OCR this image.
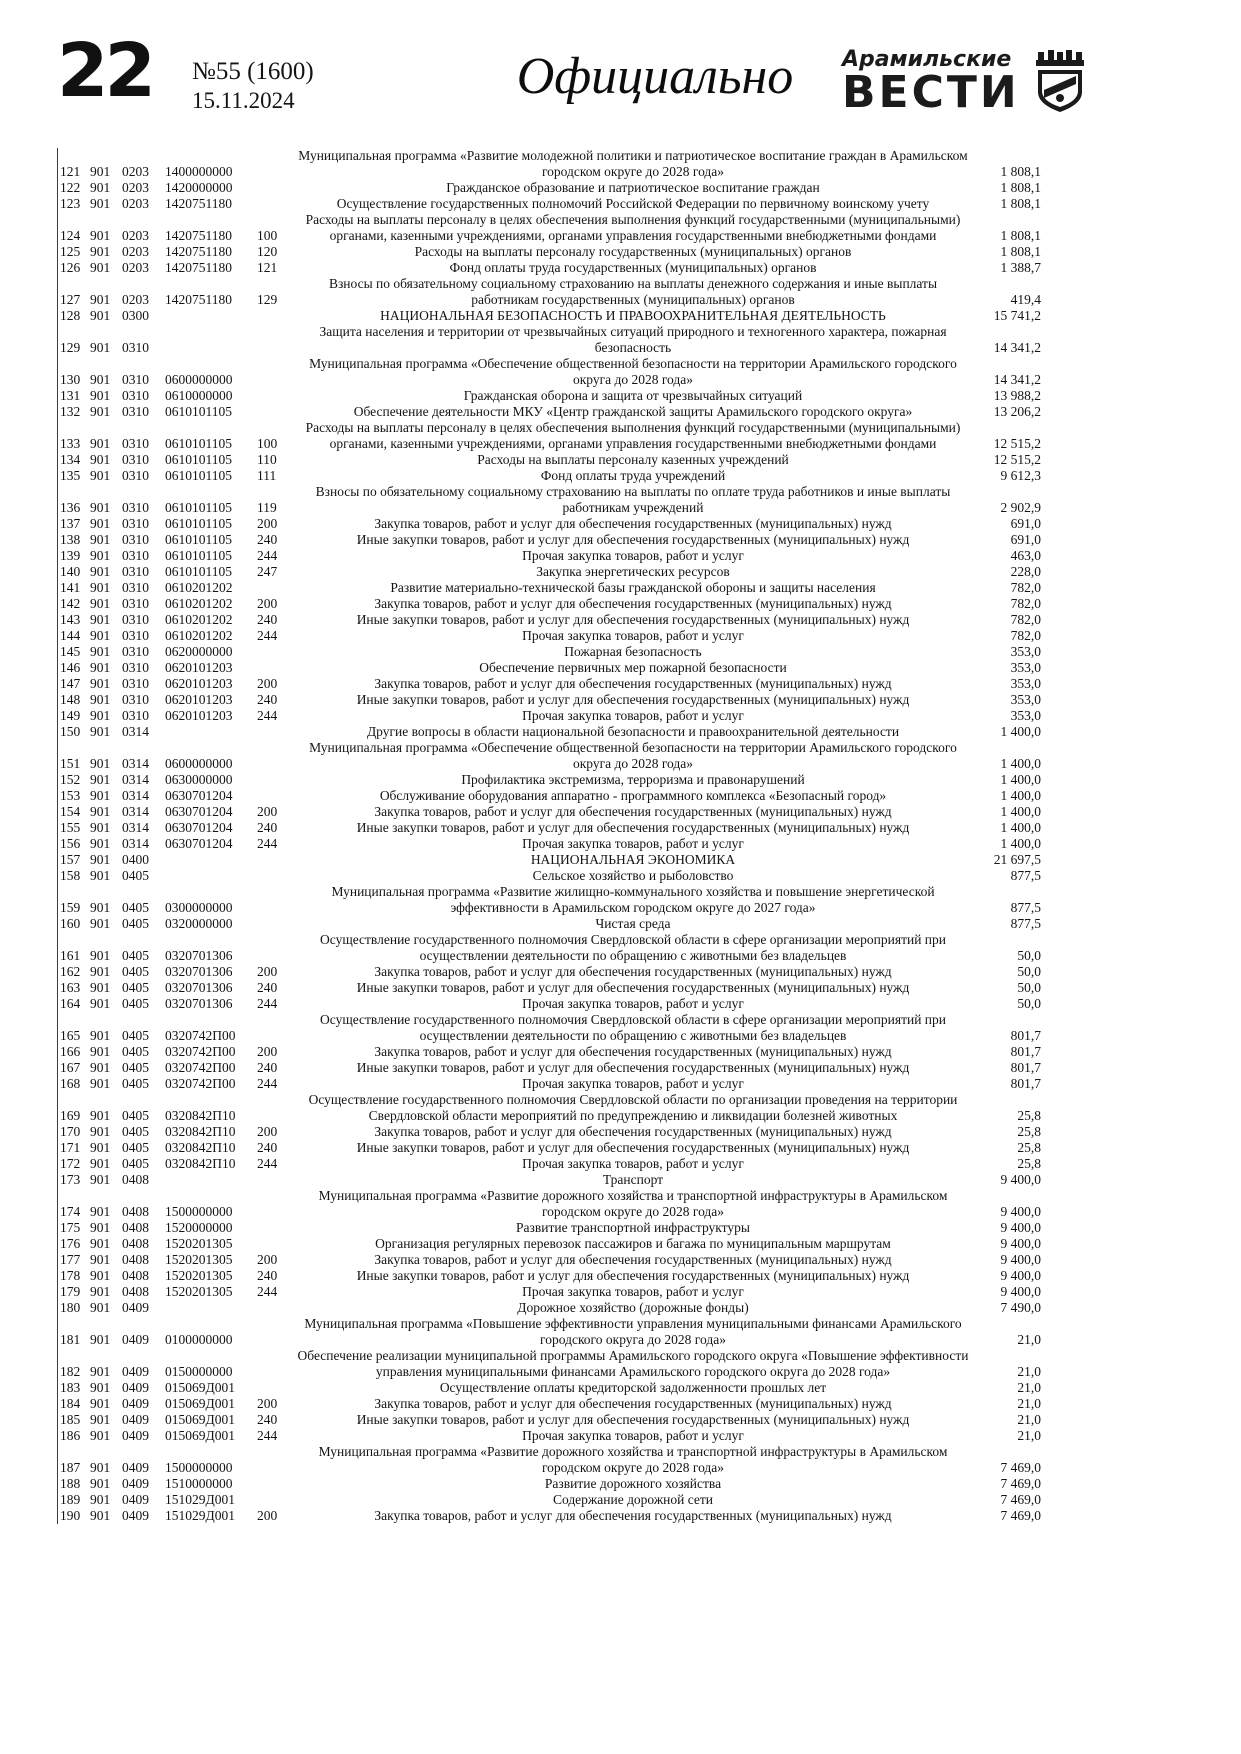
22 №55 (1600)
15.11.2024	Официально	Арамильские
ВЕСТИ
121	901	0203	1400000000		Муниципальная программа «Развитие молодежной политики и патриотическое воспитание граждан в Арамильском городском округе до 2028 года»	1 808,1
122	901	0203	1420000000		Гражданское образование и патриотическое воспитание граждан	1 808,1
123	901	0203	1420751180		Осуществление государственных полномочий Российской Федерации по первичному воинскому учету	1 808,1
124	901	0203	1420751180	100	Расходы на выплаты персоналу в целях обеспечения выполнения функций государственными (муниципальными) органами, казенными учреждениями, органами управления государственными внебюджетными фондами	1 808,1
125	901	0203	1420751180	120	Расходы на выплаты персоналу государственных (муниципальных) органов	1 808,1
126	901	0203	1420751180	121	Фонд оплаты труда государственных (муниципальных) органов	1 388,7
127	901	0203	1420751180	129	Взносы по обязательному социальному страхованию на выплаты денежного содержания и иные выплаты работникам государственных (муниципальных) органов	419,4
128	901	0300			НАЦИОНАЛЬНАЯ БЕЗОПАСНОСТЬ И ПРАВООХРАНИТЕЛЬНАЯ ДЕЯТЕЛЬНОСТЬ	15 741,2
129	901	0310			Защита населения и территории от чрезвычайных ситуаций природного и техногенного характера, пожарная безопасность	14 341,2
130	901	0310	0600000000		Муниципальная программа «Обеспечение общественной безопасности на территории Арамильского городского округа до 2028 года»	14 341,2
131	901	0310	0610000000		Гражданская оборона и защита от чрезвычайных ситуаций	13 988,2
132	901	0310	0610101105		Обеспечение деятельности МКУ «Центр гражданской защиты Арамильского городского округа»	13 206,2
133	901	0310	0610101105	100	Расходы на выплаты персоналу в целях обеспечения выполнения функций государственными (муниципальными) органами, казенными учреждениями, органами управления государственными внебюджетными фондами	12 515,2
134	901	0310	0610101105	110	Расходы на выплаты персоналу казенных учреждений	12 515,2
135	901	0310	0610101105	111	Фонд оплаты труда учреждений	9 612,3
136	901	0310	0610101105	119	Взносы по обязательному социальному страхованию на выплаты по оплате труда работников и иные выплаты работникам учреждений	2 902,9
137	901	0310	0610101105	200	Закупка товаров, работ и услуг для обеспечения государственных (муниципальных) нужд	691,0
138	901	0310	0610101105	240	Иные закупки товаров, работ и услуг для обеспечения государственных (муниципальных) нужд	691,0
139	901	0310	0610101105	244	Прочая закупка товаров, работ и услуг	463,0
140	901	0310	0610101105	247	Закупка энергетических ресурсов	228,0
141	901	0310	0610201202		Развитие материально-технической базы гражданской обороны и защиты населения	782,0
142	901	0310	0610201202	200	Закупка товаров, работ и услуг для обеспечения государственных (муниципальных) нужд	782,0
143	901	0310	0610201202	240	Иные закупки товаров, работ и услуг для обеспечения государственных (муниципальных) нужд	782,0
144	901	0310	0610201202	244	Прочая закупка товаров, работ и услуг	782,0
145	901	0310	0620000000		Пожарная безопасность	353,0
146	901	0310	0620101203		Обеспечение первичных мер пожарной безопасности	353,0
147	901	0310	0620101203	200	Закупка товаров, работ и услуг для обеспечения государственных (муниципальных) нужд	353,0
148	901	0310	0620101203	240	Иные закупки товаров, работ и услуг для обеспечения государственных (муниципальных) нужд	353,0
149	901	0310	0620101203	244	Прочая закупка товаров, работ и услуг	353,0
150	901	0314			Другие вопросы в области национальной безопасности и правоохранительной деятельности	1 400,0
151	901	0314	0600000000		Муниципальная программа «Обеспечение общественной безопасности на территории Арамильского городского округа до 2028 года»	1 400,0
152	901	0314	0630000000		Профилактика экстремизма, терроризма и правонарушений	1 400,0
153	901	0314	0630701204		Обслуживание оборудования аппаратно - программного комплекса «Безопасный город»	1 400,0
154	901	0314	0630701204	200	Закупка товаров, работ и услуг для обеспечения государственных (муниципальных) нужд	1 400,0
155	901	0314	0630701204	240	Иные закупки товаров, работ и услуг для обеспечения государственных (муниципальных) нужд	1 400,0
156	901	0314	0630701204	244	Прочая закупка товаров, работ и услуг	1 400,0
157	901	0400			НАЦИОНАЛЬНАЯ ЭКОНОМИКА	21 697,5
158	901	0405			Сельское хозяйство и рыболовство	877,5
159	901	0405	0300000000		Муниципальная программа «Развитие жилищно-коммунального хозяйства и повышение энергетической эффективности в Арамильском городском округе до 2027 года»	877,5
160	901	0405	0320000000		Чистая среда	877,5
161	901	0405	0320701306		Осуществление государственного полномочия Свердловской области в сфере организации мероприятий при осуществлении деятельности по обращению с животными без владельцев	50,0
162	901	0405	0320701306	200	Закупка товаров, работ и услуг для обеспечения государственных (муниципальных) нужд	50,0
163	901	0405	0320701306	240	Иные закупки товаров, работ и услуг для обеспечения государственных (муниципальных) нужд	50,0
164	901	0405	0320701306	244	Прочая закупка товаров, работ и услуг	50,0
165	901	0405	0320742П00		Осуществление государственного полномочия Свердловской области в сфере организации мероприятий при осуществлении деятельности по обращению с животными без владельцев	801,7
166	901	0405	0320742П00	200	Закупка товаров, работ и услуг для обеспечения государственных (муниципальных) нужд	801,7
167	901	0405	0320742П00	240	Иные закупки товаров, работ и услуг для обеспечения государственных (муниципальных) нужд	801,7
168	901	0405	0320742П00	244	Прочая закупка товаров, работ и услуг	801,7
169	901	0405	0320842П10		Осуществление государственного полномочия Свердловской области по организации проведения на территории Свердловской области мероприятий по предупреждению и ликвидации болезней животных	25,8
170	901	0405	0320842П10	200	Закупка товаров, работ и услуг для обеспечения государственных (муниципальных) нужд	25,8
171	901	0405	0320842П10	240	Иные закупки товаров, работ и услуг для обеспечения государственных (муниципальных) нужд	25,8
172	901	0405	0320842П10	244	Прочая закупка товаров, работ и услуг	25,8
173	901	0408			Транспорт	9 400,0
174	901	0408	1500000000		Муниципальная программа «Развитие дорожного хозяйства и транспортной инфраструктуры в Арамильском городском округе до 2028 года»	9 400,0
175	901	0408	1520000000		Развитие транспортной инфраструктуры	9 400,0
176	901	0408	1520201305		Организация регулярных перевозок пассажиров и багажа по муниципальным маршрутам	9 400,0
177	901	0408	1520201305	200	Закупка товаров, работ и услуг для обеспечения государственных (муниципальных) нужд	9 400,0
178	901	0408	1520201305	240	Иные закупки товаров, работ и услуг для обеспечения государственных (муниципальных) нужд	9 400,0
179	901	0408	1520201305	244	Прочая закупка товаров, работ и услуг	9 400,0
180	901	0409			Дорожное хозяйство (дорожные фонды)	7 490,0
181	901	0409	0100000000		Муниципальная программа «Повышение эффективности управления муниципальными финансами Арамильского городского округа до 2028 года»	21,0
182	901	0409	0150000000		Обеспечение реализации муниципальной программы Арамильского городского округа «Повышение эффективности управления муниципальными финансами Арамильского городского округа до 2028 года»	21,0
183	901	0409	015069Д001		Осуществление оплаты кредиторской задолженности прошлых лет	21,0
184	901	0409	015069Д001	200	Закупка товаров, работ и услуг для обеспечения государственных (муниципальных) нужд	21,0
185	901	0409	015069Д001	240	Иные закупки товаров, работ и услуг для обеспечения государственных (муниципальных) нужд	21,0
186	901	0409	015069Д001	244	Прочая закупка товаров, работ и услуг	21,0
187	901	0409	1500000000		Муниципальная программа «Развитие дорожного хозяйства и транспортной инфраструктуры в Арамильском городском округе до 2028 года»	7 469,0
188	901	0409	1510000000		Развитие дорожного хозяйства	7 469,0
189	901	0409	151029Д001		Содержание дорожной сети	7 469,0
190	901	0409	151029Д001	200	Закупка товаров, работ и услуг для обеспечения государственных (муниципальных) нужд	7 469,0
